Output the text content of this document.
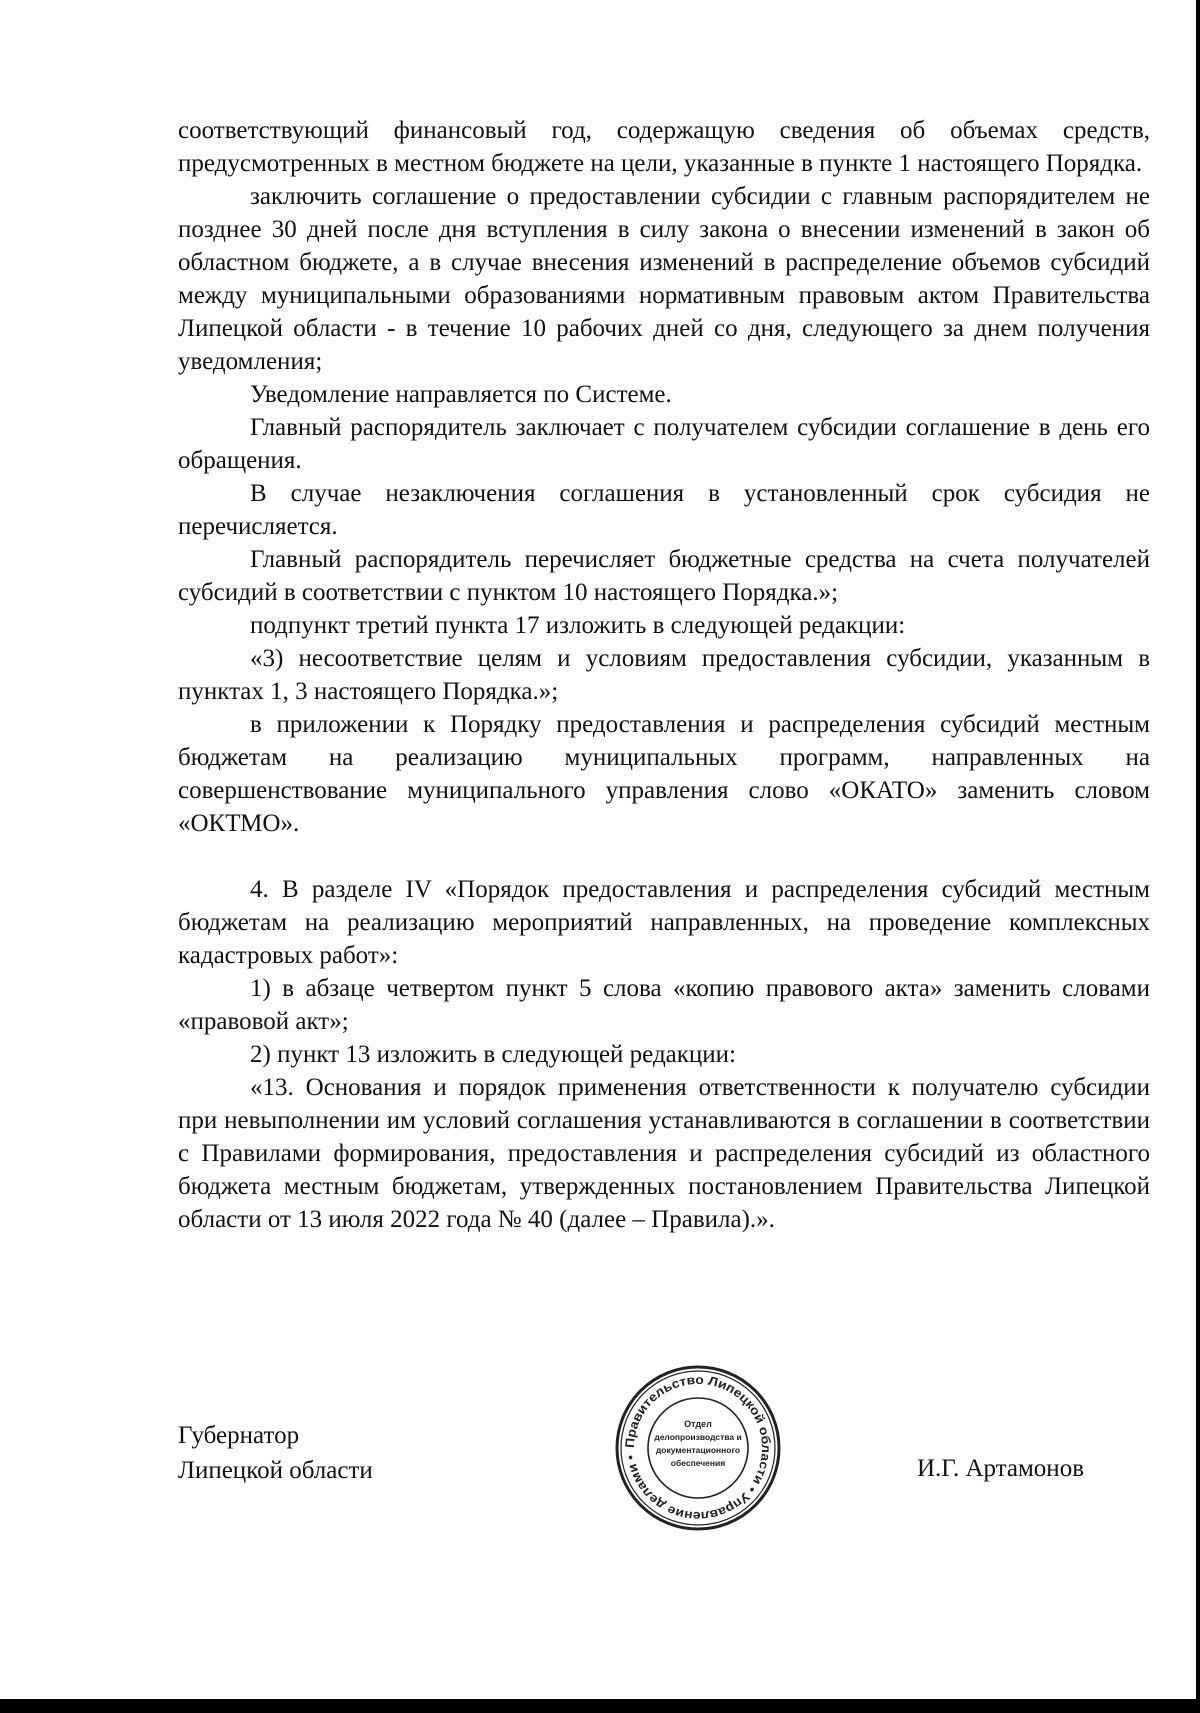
соответствующий финансовый год, содержащую сведения об объемах средств, предусмотренных в местном бюджете на цели, указанные в пункте 1 настоящего Порядка.

заключить соглашение о предоставлении субсидии с главным распорядителем не позднее 30 дней после дня вступления в силу закона о внесении изменений в закон об областном бюджете, а в случае внесения изменений в распределение объемов субсидий между муниципальными образованиями нормативным правовым актом Правительства Липецкой области - в течение 10 рабочих дней со дня, следующего за днем получения уведомления;

Уведомление направляется по Системе.

Главный распорядитель заключает с получателем субсидии соглашение в день его обращения.

В случае незаключения соглашения в установленный срок субсидия не перечисляется.

Главный распорядитель перечисляет бюджетные средства на счета получателей субсидий в соответствии с пунктом 10 настоящего Порядка.»;

подпункт третий пункта 17 изложить в следующей редакции:

«3) несоответствие целям и условиям предоставления субсидии, указанным в пунктах 1, 3 настоящего Порядка.»;

в приложении к Порядку предоставления и распределения субсидий местным бюджетам на реализацию муниципальных программ, направленных на совершенствование муниципального управления слово «ОКАТО» заменить словом «ОКТМО».

4. В разделе IV «Порядок предоставления и распределения субсидий местным бюджетам на реализацию мероприятий направленных, на проведение комплексных кадастровых работ»:

1) в абзаце четвертом пункт 5 слова «копию правового акта» заменить словами «правовой акт»;

2) пункт 13 изложить в следующей редакции:

«13. Основания и порядок применения ответственности к получателю субсидии при невыполнении им условий соглашения устанавливаются в соглашении в соответствии с Правилами формирования, предоставления и распределения субсидий из областного бюджета местным бюджетам, утвержденных постановлением Правительства Липецкой области от 13 июля 2022 года № 40 (далее – Правила).».

Губернатор
Липецкой области
Правительство Липецкой области • Управление делами •
Отдел
делопроизводства и
документационного
обеспечения	И.Г. Артамонов
